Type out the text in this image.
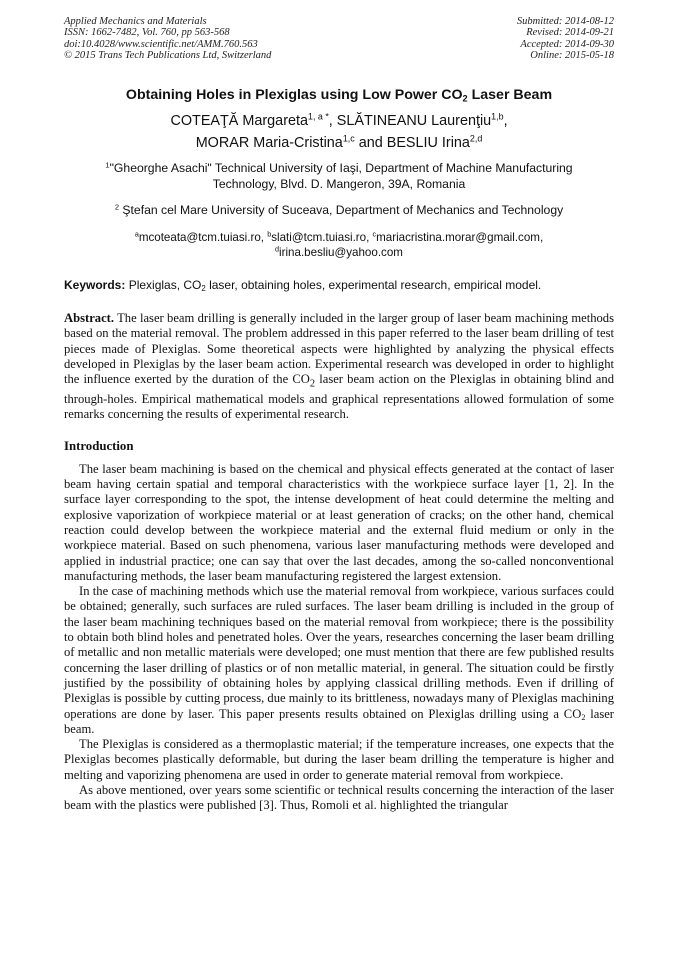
Applied Mechanics and Materials
ISSN: 1662-7482, Vol. 760, pp 563-568
doi:10.4028/www.scientific.net/AMM.760.563
© 2015 Trans Tech Publications Ltd, Switzerland
Submitted: 2014-08-12
Revised: 2014-09-21
Accepted: 2014-09-30
Online: 2015-05-18
Obtaining Holes in Plexiglas using Low Power $CO_2$ Laser Beam
COTEAŢĂ Margareta$^{1, a *}$, SLĂTINEANU Laurenţiu$^{1,b}$,
MORAR Maria-Cristina$^{1,c}$ and BESLIU Irina$^{2,d}$
$^1$"Gheorghe Asachi" Technical University of Iaşi, Department of Machine Manufacturing
Technology, Blvd. D. Mangeron, 39A, Romania
$^2$ Ştefan cel Mare University of Suceava, Department of Mechanics and Technology
$^a$mcoteata@tcm.tuiasi.ro, $^b$slati@tcm.tuiasi.ro, $^c$mariacristina.morar@gmail.com,
$^d$irina.besliu@yahoo.com
Keywords: Plexiglas, $CO_2$ laser, obtaining holes, experimental research, empirical model.
Abstract. The laser beam drilling is generally included in the larger group of laser beam machining methods based on the material removal. The problem addressed in this paper referred to the laser beam drilling of test pieces made of Plexiglas. Some theoretical aspects were highlighted by analyzing the physical effects developed in Plexiglas by the laser beam action. Experimental research was developed in order to highlight the influence exerted by the duration of the $CO_2$ laser beam action on the Plexiglas in obtaining blind and through-holes. Empirical mathematical models and graphical representations allowed formulation of some remarks concerning the results of experimental research.
Introduction

The laser beam machining is based on the chemical and physical effects generated at the contact of laser beam having certain spatial and temporal characteristics with the workpiece surface layer [1, 2]. In the surface layer corresponding to the spot, the intense development of heat could determine the melting and explosive vaporization of workpiece material or at least generation of cracks; on the other hand, chemical reaction could develop between the workpiece material and the external fluid medium or only in the workpiece material. Based on such phenomena, various laser manufacturing methods were developed and applied in industrial practice; one can say that over the last decades, among the so-called nonconventional manufacturing methods, the laser beam manufacturing registered the largest extension.

In the case of machining methods which use the material removal from workpiece, various surfaces could be obtained; generally, such surfaces are ruled surfaces. The laser beam drilling is included in the group of the laser beam machining techniques based on the material removal from workpiece; there is the possibility to obtain both blind holes and penetrated holes. Over the years, researches concerning the laser beam drilling of metallic and non metallic materials were developed; one must mention that there are few published results concerning the laser drilling of plastics or of non metallic material, in general. The situation could be firstly justified by the possibility of obtaining holes by applying classical drilling methods. Even if drilling of Plexiglas is possible by cutting process, due mainly to its brittleness, nowadays many of Plexiglas machining operations are done by laser. This paper presents results obtained on Plexiglas drilling using a $CO_2$ laser beam.

The Plexiglas is considered as a thermoplastic material; if the temperature increases, one expects that the Plexiglas becomes plastically deformable, but during the laser beam drilling the temperature is higher and melting and vaporizing phenomena are used in order to generate material removal from workpiece.

As above mentioned, over years some scientific or technical results concerning the interaction of the laser beam with the plastics were published [3]. Thus, Romoli et al. highlighted the triangular
